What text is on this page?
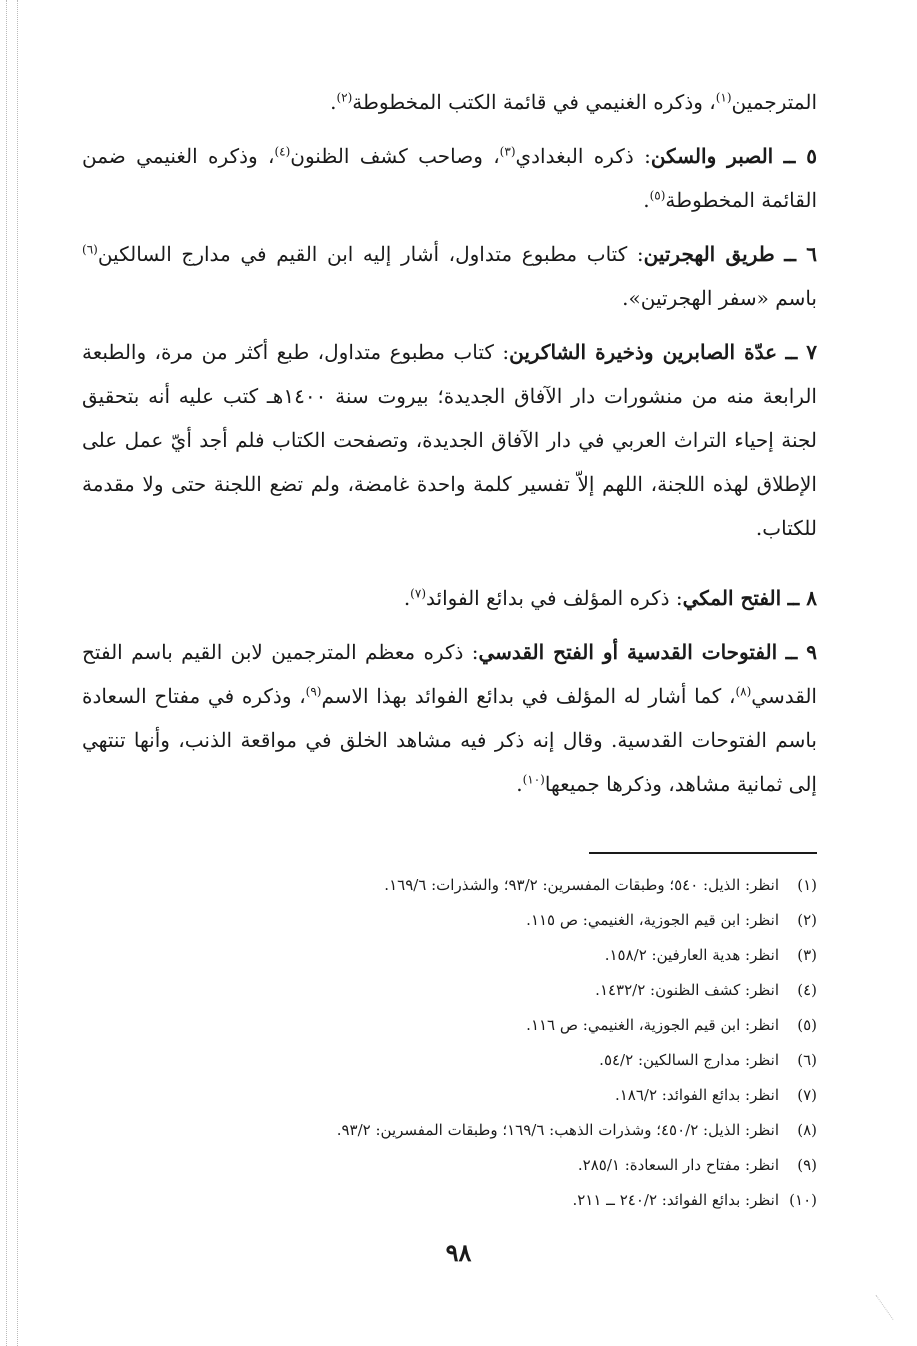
المترجمين$^{(١)}$، وذكره الغنيمي في قائمة الكتب المخطوطة$^{(٢)}$.

٥ ــ الصبر والسكن: ذكره البغدادي$^{(٣)}$، وصاحب كشف الظنون$^{(٤)}$، وذكره الغنيمي ضمن القائمة المخطوطة$^{(٥)}$.

٦ ــ طريق الهجرتين: كتاب مطبوع متداول، أشار إليه ابن القيم في مدارج السالكين$^{(٦)}$ باسم «سفر الهجرتين».

٧ ــ عدّة الصابرين وذخيرة الشاكرين: كتاب مطبوع متداول، طبع أكثر من مرة، والطبعة الرابعة منه من منشورات دار الآفاق الجديدة؛ بيروت سنة ١٤٠٠هـ كتب عليه أنه بتحقيق لجنة إحياء التراث العربي في دار الآفاق الجديدة، وتصفحت الكتاب فلم أجد أيّ عمل على الإطلاق لهذه اللجنة، اللهم إلاّ تفسير كلمة واحدة غامضة، ولم تضع اللجنة حتى ولا مقدمة للكتاب.

٨ ــ الفتح المكي: ذكره المؤلف في بدائع الفوائد$^{(٧)}$.

٩ ــ الفتوحات القدسية أو الفتح القدسي: ذكره معظم المترجمين لابن القيم باسم الفتح القدسي$^{(٨)}$، كما أشار له المؤلف في بدائع الفوائد بهذا الاسم$^{(٩)}$، وذكره في مفتاح السعادة باسم الفتوحات القدسية. وقال إنه ذكر فيه مشاهد الخلق في مواقعة الذنب، وأنها تنتهي إلى ثمانية مشاهد، وذكرها جميعها$^{(١٠)}$.

(١)
انظر: الذيل: ٥٤٠؛ وطبقات المفسرين: ٩٣/٢؛ والشذرات: ١٦٩/٦.
(٢)
انظر: ابن قيم الجوزية، الغنيمي: ص ١١٥.
(٣)
انظر: هدية العارفين: ١٥٨/٢.
(٤)
انظر: كشف الظنون: ١٤٣٢/٢.
(٥)
انظر: ابن قيم الجوزية، الغنيمي: ص ١١٦.
(٦)
انظر: مدارج السالكين: ٥٤/٢.
(٧)
انظر: بدائع الفوائد: ١٨٦/٢.
(٨)
انظر: الذيل: ٤٥٠/٢؛ وشذرات الذهب: ١٦٩/٦؛ وطبقات المفسرين: ٩٣/٢.
(٩)
انظر: مفتاح دار السعادة: ٢٨٥/١.
(١٠)
انظر: بدائع الفوائد: ٢٤٠/٢ ــ ٢١١.
٩٨
